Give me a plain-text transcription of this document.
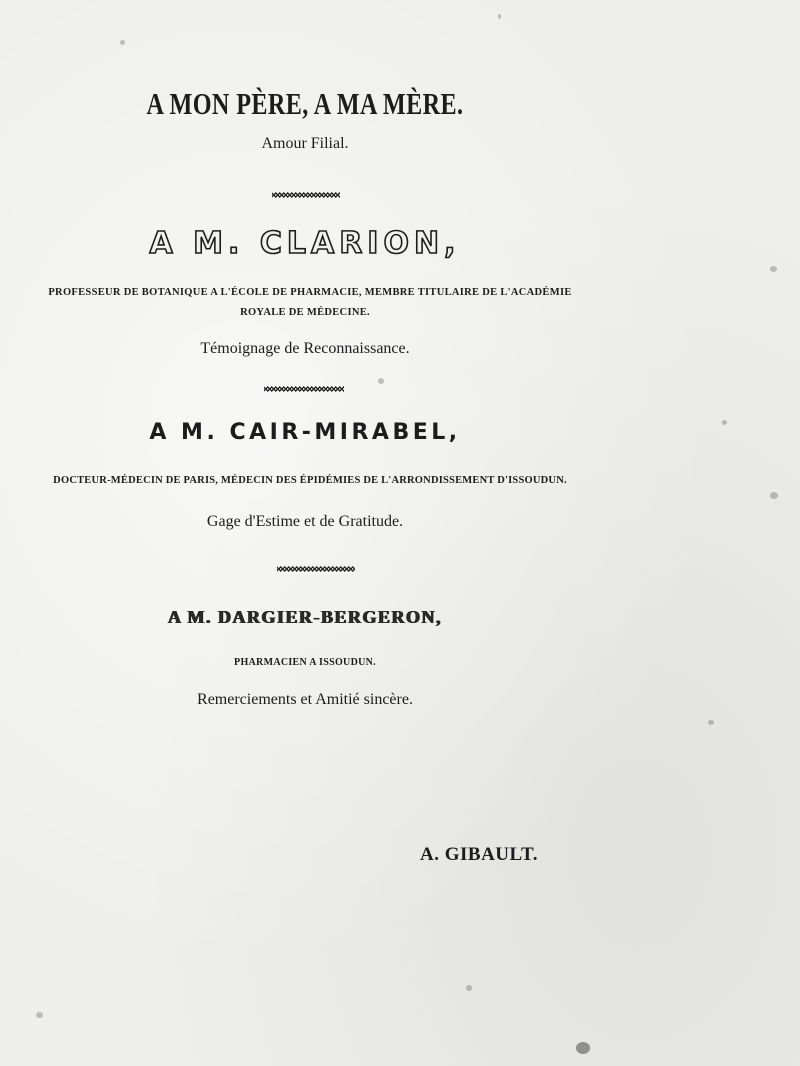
A MON PÈRE, A MA MÈRE.
Amour Filial.
A M. CLARION,
PROFESSEUR DE BOTANIQUE A L'ÉCOLE DE PHARMACIE, MEMBRE TITULAIRE DE L'ACADÉMIE
ROYALE DE MÉDECINE.
Témoignage de Reconnaissance.
A M. CAIR-MIRABEL,
DOCTEUR-MÉDECIN DE PARIS, MÉDECIN DES ÉPIDÉMIES DE L'ARRONDISSEMENT D'ISSOUDUN.
Gage d'Estime et de Gratitude.
A M. DARGIER-BERGERON,
PHARMACIEN A ISSOUDUN.
Remerciements et Amitié sincère.
A. GIBAULT.
